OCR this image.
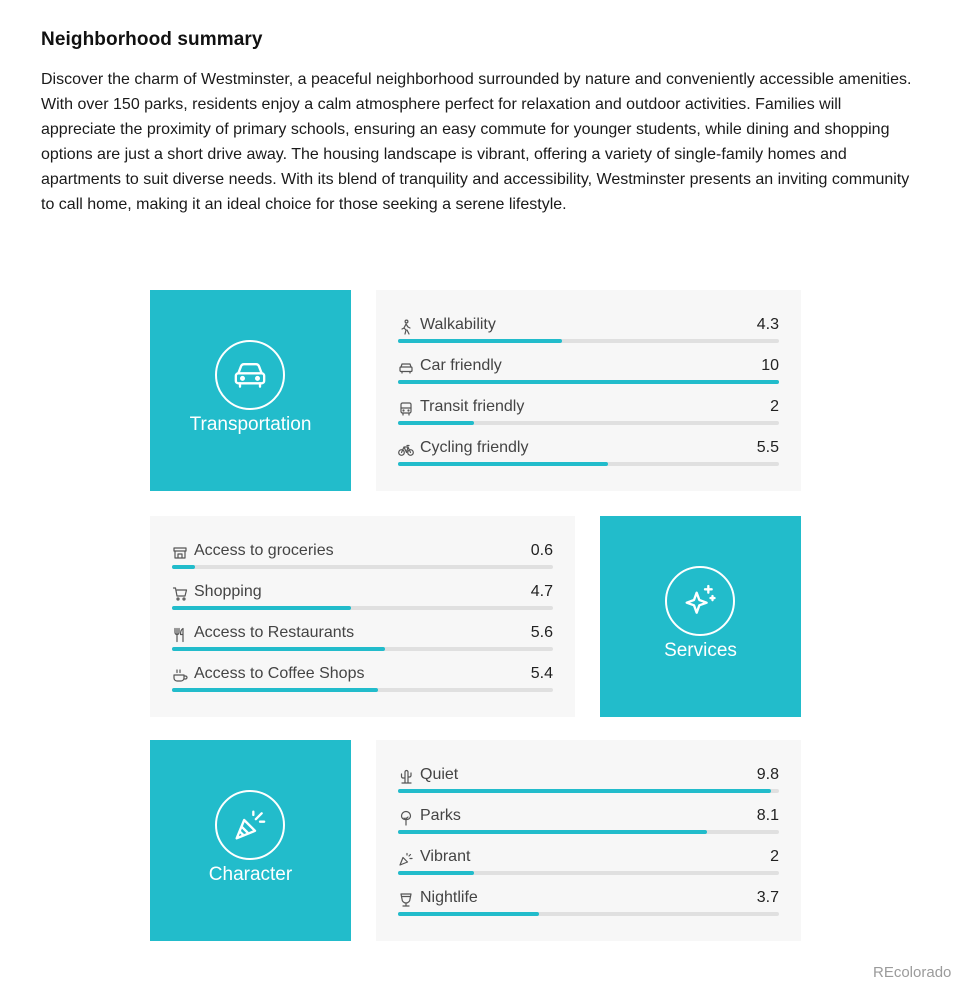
Neighborhood summary

Discover the charm of Westminster, a peaceful neighborhood surrounded by nature and conveniently accessible amenities. With over 150 parks, residents enjoy a calm atmosphere perfect for relaxation and outdoor activities. Families will appreciate the proximity of primary schools, ensuring an easy commute for younger students, while dining and shopping options are just a short drive away. The housing landscape is vibrant, offering a variety of single-family homes and apartments to suit diverse needs. With its blend of tranquility and accessibility, Westminster presents an inviting community to call home, making it an ideal choice for those seeking a serene lifestyle.

Transportation
Walkability	4.3
Car friendly	10
Transit friendly	2
Cycling friendly	5.5
Access to groceries	0.6
Shopping	4.7
Access to Restaurants	5.6
Access to Coffee Shops	5.4
Services
Character
Quiet	9.8
Parks	8.1
Vibrant	2
Nightlife	3.7
REcolorado
